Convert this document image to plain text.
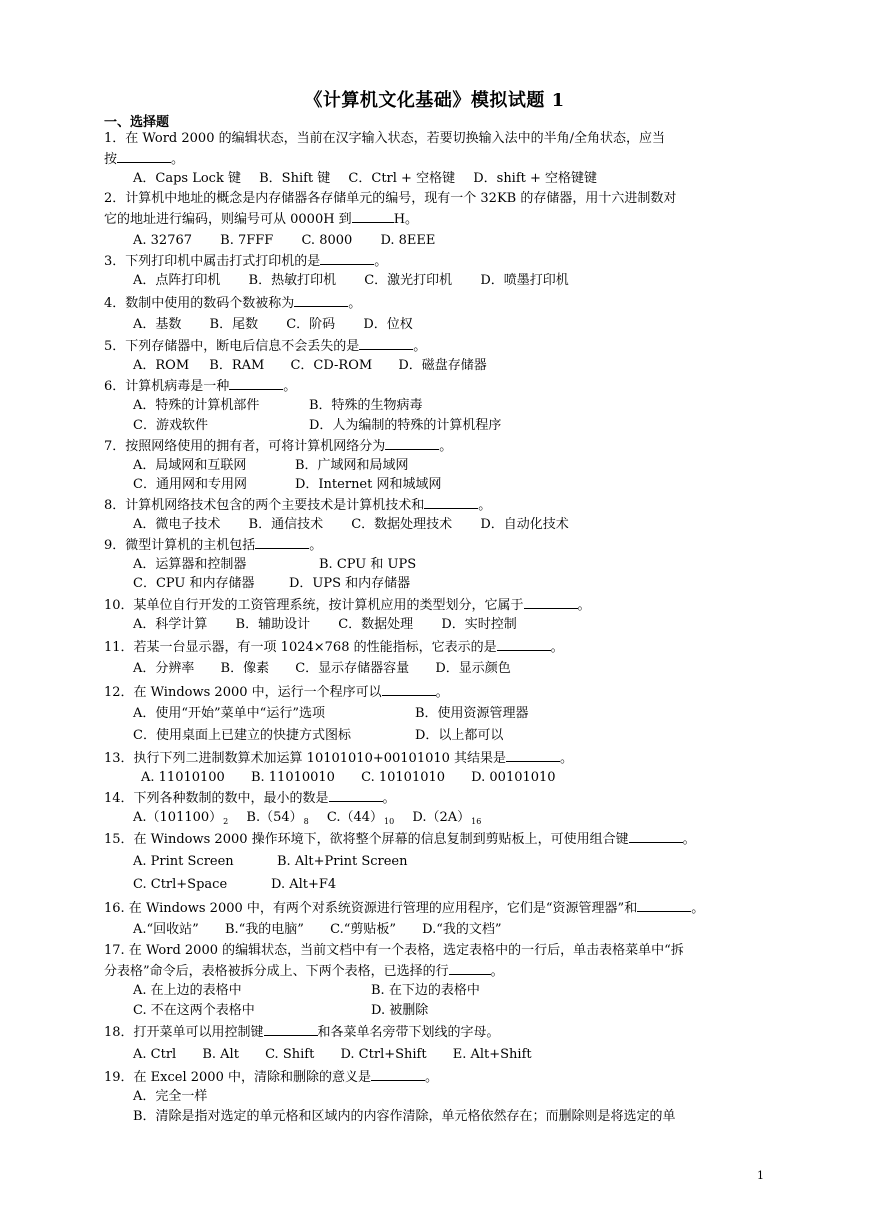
《计算机文化基础》模拟试题 1
一、选择题
1．在 Word 2000 的编辑状态，当前在汉字输入状态，若要切换输入法中的半角/全角状态，应当
按	。
A．Caps Lock 键 B．Shift 键 C．Ctrl + 空格键 D．shift + 空格键键
2．计算机中地址的概念是内存储器各存储单元的编号，现有一个 32KB 的存储器，用十六进制数对
它的地址进行编码，则编号可从 0000H 到	H。
A. 32767 B. 7FFF C. 8000 D. 8EEE
3．下列打印机中属击打式打印机的是	。
A．点阵打印机 B．热敏打印机 C．激光打印机 D．喷墨打印机
4．数制中使用的数码个数被称为	。
A．基数 B．尾数 C．阶码 D．位权
5．下列存储器中，断电后信息不会丢失的是	。
A．ROM B．RAM C．CD-ROM D．磁盘存储器
6．计算机病毒是一种	。
A．特殊的计算机部件	B．特殊的生物病毒
C．游戏软件	D．人为编制的特殊的计算机程序
7．按照网络使用的拥有者，可将计算机网络分为	。
A．局域网和互联网	B．广域网和局域网
C．通用网和专用网	D．Internet 网和城域网
8．计算机网络技术包含的两个主要技术是计算机技术和	。
A．微电子技术 B．通信技术 C．数据处理技术 D．自动化技术
9．微型计算机的主机包括	。
A．运算器和控制器	B. CPU 和 UPS
C．CPU 和内存储器	D．UPS 和内存储器
10．某单位自行开发的工资管理系统，按计算机应用的类型划分，它属于	。
A．科学计算 B．辅助设计 C．数据处理 D．实时控制
11．若某一台显示器，有一项 1024×768 的性能指标，它表示的是	。
A．分辨率 B．像素 C．显示存储器容量 D．显示颜色
12．在 Windows 2000 中，运行一个程序可以	。
A．使用“开始”菜单中“运行”选项	B．使用资源管理器
C．使用桌面上已建立的快捷方式图标	D．以上都可以
13．执行下列二进制数算术加运算 10101010+00101010 其结果是	。
A. 11010100 B. 11010010 C. 10101010 D. 00101010
14．下列各种数制的数中，最小的数是	。
$A.(101100)_2$ $B.(54)_8$ $C.(44)_{10}$ $D.(2A)_{16}$
15．在 Windows 2000 操作环境下，欲将整个屏幕的信息复制到剪贴板上，可使用组合键	。
A. Print Screen	B. Alt+Print Screen
C. Ctrl+Space	D. Alt+F4
16. 在 Windows 2000 中，有两个对系统资源进行管理的应用程序，它们是“资源管理器”和	。
A.“回收站” B.“我的电脑” C.“剪贴板” D.“我的文档”
17. 在 Word 2000 的编辑状态，当前文档中有一个表格，选定表格中的一行后，单击表格菜单中“拆
分表格”命令后，表格被拆分成上、下两个表格，已选择的行	。
A. 在上边的表格中	B. 在下边的表格中
C. 不在这两个表格中	D. 被删除
18．打开菜单可以用控制键	和各菜单名旁带下划线的字母。
A. Ctrl B. Alt C. Shift D. Ctrl+Shift E. Alt+Shift
19．在 Excel 2000 中，清除和删除的意义是	。
A．完全一样
B．清除是指对选定的单元格和区域内的内容作清除，单元格依然存在；而删除则是将选定的单
1
